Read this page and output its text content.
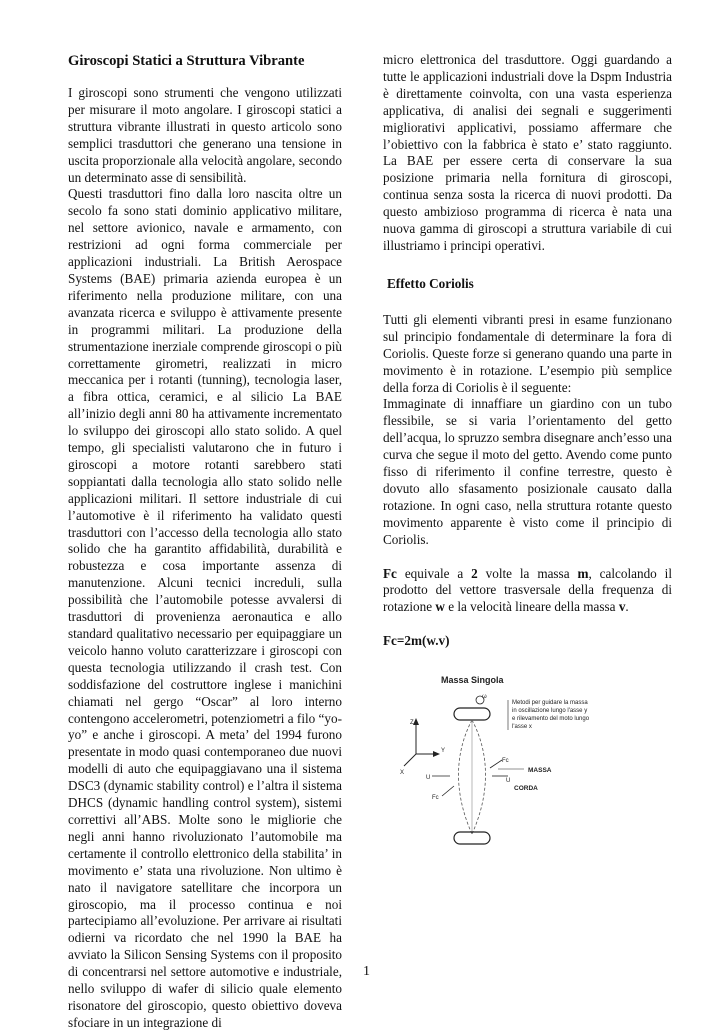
Giroscopi Statici a Struttura Vibrante

I giroscopi sono strumenti che vengono utilizzati per misurare il moto angolare. I giroscopi statici a struttura vibrante illustrati in questo articolo sono semplici trasduttori che generano una tensione in uscita proporzionale alla velocità angolare, secondo un determinato asse di sensibilità.

Questi trasduttori fino dalla loro nascita oltre un secolo fa sono stati dominio applicativo militare, nel settore avionico, navale e armamento, con restrizioni ad ogni forma commerciale per applicazioni industriali. La British Aerospace Systems (BAE) primaria azienda europea è un riferimento nella produzione militare, con una avanzata ricerca e sviluppo è attivamente presente in programmi militari. La produzione della strumentazione inerziale comprende giroscopi o più correttamente girometri, realizzati in micro meccanica per i rotanti (tunning), tecnologia laser, a fibra ottica, ceramici, e al silicio La BAE all’inizio degli anni 80 ha attivamente incrementato lo sviluppo dei giroscopi allo stato solido. A quel tempo, gli specialisti valutarono che in futuro i giroscopi a motore rotanti sarebbero stati soppiantati dalla tecnologia allo stato solido nelle applicazioni militari. Il settore industriale di cui l’automotive è il riferimento ha validato questi trasduttori con l’accesso della tecnologia allo stato solido che ha garantito affidabilità, durabilità e robustezza e cosa importante assenza di manutenzione. Alcuni tecnici increduli, sulla possibilità che l’automobile potesse avvalersi di trasduttori di provenienza aeronautica e allo standard qualitativo necessario per equipaggiare un veicolo hanno voluto caratterizzare i giroscopi con questa tecnologia utilizzando il crash test. Con soddisfazione del costruttore inglese i manichini chiamati nel gergo “Oscar” al loro interno contengono accelerometri, potenziometri a filo “yo-yo” e anche i giroscopi. A meta’ del 1994 furono presentate in modo quasi contemporaneo due nuovi modelli di auto che equipaggiavano una il sistema DSC3 (dynamic stability control) e l’altra il sistema DHCS (dynamic handling control system), sistemi correttivi all’ABS. Molte sono le migliorie che negli anni hanno rivoluzionato l’automobile ma certamente il controllo elettronico della stabilita’ in movimento e’ stata una rivoluzione. Non ultimo è nato il navigatore satellitare che incorpora un giroscopio, ma il processo continua e noi partecipiamo all’evoluzione. Per arrivare ai risultati odierni va ricordato che nel 1990 la BAE ha avviato la Silicon Sensing Systems con il proposito di concentrarsi nel settore automotive e industriale, nello sviluppo di wafer di silicio quale elemento risonatore del giroscopio, questo obiettivo doveva sfociare in un integrazione di

micro elettronica del trasduttore. Oggi guardando a tutte le applicazioni industriali dove la Dspm Industria è direttamente coinvolta, con una vasta esperienza applicativa, di analisi dei segnali e suggerimenti migliorativi applicativi, possiamo affermare che l’obiettivo con la fabbrica è stato e’ stato raggiunto. La BAE per essere certa di conservare la sua posizione primaria nella fornitura di giroscopi, continua senza sosta la ricerca di nuovi prodotti. Da questo ambizioso programma di ricerca è nata una nuova gamma di giroscopi a struttura variabile di cui illustriamo i principi operativi.

Effetto Coriolis

Tutti gli elementi vibranti presi in esame funzionano sul principio fondamentale di determinare la fora di Coriolis. Queste forze si generano quando una parte in movimento è in rotazione. L’esempio più semplice della forza di Coriolis è il seguente:

Immaginate di innaffiare un giardino con un tubo flessibile, se si varia l’orientamento del getto dell’acqua, lo spruzzo sembra disegnare anch’esso una curva che segue il moto del getto. Avendo come punto fisso di riferimento il confine terrestre, questo è dovuto allo sfasamento posizionale causato dalla rotazione. In ogni caso, nella struttura rotante questo movimento apparente è visto come il principio di Coriolis.

Fc equivale a 2 volte la massa m, calcolando il prodotto del vettore trasversale della frequenza di rotazione w e la velocità lineare della massa v.

Fc=2m(w.v)

Massa Singola
ω
Z
Y
X
U
Fc
U
Fc
MASSA
CORDA
Metodi per guidare la massa in oscillazione lungo l'asse y e rilevamento del moto lungo l'asse x
1
